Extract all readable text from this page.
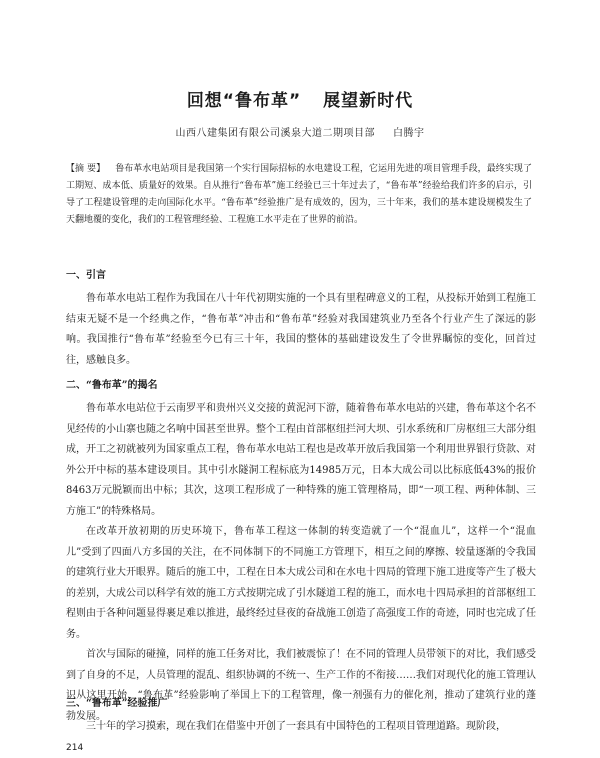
回想“鲁布革” 展望新时代
山西八建集团有限公司溪泉大道二期项目部 白腾宇
【摘 要】 鲁布革水电站项目是我国第一个实行国际招标的水电建设工程，它运用先进的项目管理手段，最终实现了工期短、成本低、质量好的效果。自从推行“鲁布革”施工经验已三十年过去了，“鲁布革”经验给我们许多的启示，引导了工程建设管理的走向国际化水平。“鲁布革”经验推广是有成效的，因为，三十年来，我们的基本建设规模发生了天翻地覆的变化，我们的工程管理经验、工程施工水平走在了世界的前沿。
一、引言

鲁布革水电站工程作为我国在八十年代初期实施的一个具有里程碑意义的工程，从投标开始到工程施工结束无疑不是一个经典之作，“鲁布革”冲击和“鲁布革”经验对我国建筑业乃至各个行业产生了深远的影响。我国推行“鲁布革”经验至今已有三十年，我国的整体的基础建设发生了令世界瞩惊的变化，回首过往，感触良多。

二、“鲁布革”的揭名

鲁布革水电站位于云南罗平和贵州兴义交接的黄泥河下游，随着鲁布革水电站的兴建，鲁布革这个名不见经传的小山寨也随之名响中国甚至世界。整个工程由首部枢纽拦河大坝、引水系统和厂房枢纽三大部分组成，开工之初就被列为国家重点工程，鲁布革水电站工程也是改革开放后我国第一个利用世界银行贷款、对外公开中标的基本建设项目。其中引水隧洞工程标底为14985万元，日本大成公司以比标底低43%的报价8463万元脱颖而出中标；其次，这项工程形成了一种特殊的施工管理格局，即“一项工程、两种体制、三方施工”的特殊格局。

在改革开放初期的历史环境下，鲁布革工程这一体制的转变造就了一个“混血儿”，这样一个“混血儿”受到了四面八方多国的关注，在不同体制下的不同施工方管理下，相互之间的摩擦、较量逐渐的令我国的建筑行业大开眼界。随后的施工中，工程在日本大成公司和在水电十四局的管理下施工进度等产生了极大的差别，大成公司以科学有效的施工方式按期完成了引水隧道工程的施工，而水电十四局承担的首部枢纽工程则由于各种问题显得裹足难以推进，最终经过昼夜的奋战施工创造了高强度工作的奇迹，同时也完成了任务。

首次与国际的碰撞，同样的施工任务对比，我们被震惊了！在不同的管理人员带领下的对比，我们感受到了自身的不足，人员管理的混乱、组织协调的不统一、生产工作的不衔接……我们对现代化的施工管理认识从这里开始，“鲁布革”经验影响了举国上下的工程管理，像一剂强有力的催化剂，推动了建筑行业的蓬勃发展。

三、“鲁布革”经验推广

三十年的学习摸索，现在我们在借鉴中开创了一套具有中国特色的工程项目管理道路。现阶段，

214
